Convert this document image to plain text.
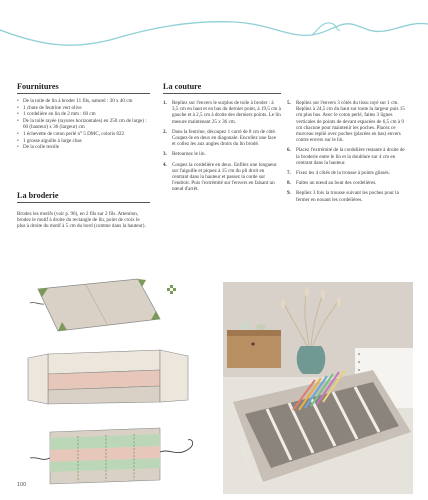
Fournitures
• De la toile de lin à broder 11 fils, naturel : 30 x 40 cm
• 1 chute de feutrine vert olive
• 1 cordelière en lin de 2 mm : 60 cm
• De la toile rayée (rayures horizontales) en 250 cm de large) : 60 (hauteur) x 36 (largeur) cm
• 1 échevette de coton perlé n° 5 DMC, coloris 822
• 1 grosse aiguille à large chas
• De la colle textile
La broderie

Brodez les motifs (voir p. 96), en 2 fils sur 2 fils. Attention, brodez le motif à droite du rectangle de lin, point de croix le plus à droite du motif à 5 cm du bord (comme dans la hauteur).

La couture
1. Repliez sur l'envers le surplus de toile à broder : à 3,5 cm en haut et en bas du dernier point, à 19,5 cm à gauche et à 2,5 cm à droite des derniers points. Le lin mesure maintenant 25 x 36 cm.
2. Dans la feutrine, découpez 1 carré de 8 cm de côté. Coupez-le en deux en diagonale. Encollez une face et collez les aux angles droits du lin brodé.
3. Retournez le lin.
4. Coupez la cordelière en deux. Enfilez une longueur sur l'aiguille et piquez à 15 cm du pli droit en centrant dans la hauteur et passez la corde sur l'endroit. Puis l'extrémité sur l'envers en faisant un nœud d'arrêt.
5. Repliez sur l'envers 3 côtés du tissu rayé sur 1 cm. Repliez à 24,5 cm du haut sur toute la largeur puis 15 cm plus bas. Avec le coton perlé, faites 3 lignes verticales de points de devant espacées de 6,5 cm à 9 cm chacune pour maintenir les poches. Placez ce morceau replié avec poches (placées en bas) envers contre envers sur le lin.
6. Placez l'extrémité de la cordelière restante à droite de la broderie entre le lin et la doublure sur 4 cm en centrant dans la hauteur.
7. Fixez les 4 côtés de la trousse à points glissés.
8. Faites un nœud au bout des cordelières.
9. Repliez 3 fois la trousse suivant les poches pour la fermer en nouant les cordelières.
100
